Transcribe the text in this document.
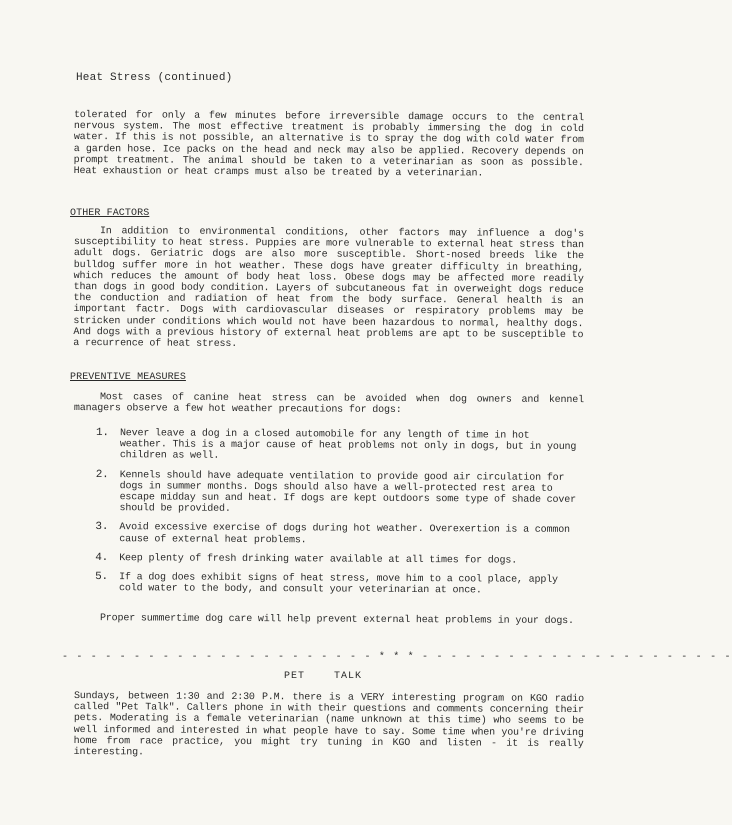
Heat Stress (continued)

tolerated for only a few minutes before irreversible damage occurs to the central nervous system. The most effective treatment is probably immersing the dog in cold water. If this is not possible, an alternative is to spray the dog with cold water from a garden hose. Ice packs on the head and neck may also be applied. Recovery depends on prompt treatment. The animal should be taken to a veterinarian as soon as possible. Heat exhaustion or heat cramps must also be treated by a veterinarian.

OTHER FACTORS

In addition to environmental conditions, other factors may influence a dog's susceptibility to heat stress. Puppies are more vulnerable to external heat stress than adult dogs. Geriatric dogs are also more susceptible. Short-nosed breeds like the bulldog suffer more in hot weather. These dogs have greater difficulty in breathing, which reduces the amount of body heat loss. Obese dogs may be affected more readily than dogs in good body condition. Layers of subcutaneous fat in overweight dogs reduce the conduction and radiation of heat from the body surface. General health is an important factr. Dogs with cardiovascular diseases or respiratory problems may be stricken under conditions which would not have been hazardous to normal, healthy dogs. And dogs with a previous history of external heat problems are apt to be susceptible to a recurrence of heat stress.

PREVENTIVE MEASURES

Most cases of canine heat stress can be avoided when dog owners and kennel managers observe a few hot weather precautions for dogs:

1. Never leave a dog in a closed automobile for any length of time in hot weather. This is a major cause of heat problems not only in dogs, but in young children as well.
2. Kennels should have adequate ventilation to provide good air circulation for dogs in summer months. Dogs should also have a well-protected rest area to escape midday sun and heat. If dogs are kept outdoors some type of shade cover should be provided.
3. Avoid excessive exercise of dogs during hot weather. Overexertion is a common cause of external heat problems.
4. Keep plenty of fresh drinking water available at all times for dogs.
5. If a dog does exhibit signs of heat stress, move him to a cool place, apply cold water to the body, and consult your veterinarian at once.

Proper summertime dog care will help prevent external heat problems in your dogs.

- - - - - - - - - - - - - - - - - - - - - - * * * - - - - - - - - - - - - - - - - - - - - - -
PET TALK

Sundays, between 1:30 and 2:30 P.M. there is a VERY interesting program on KGO radio called "Pet Talk". Callers phone in with their questions and comments concerning their pets. Moderating is a female veterinarian (name unknown at this time) who seems to be well informed and interested in what people have to say. Some time when you're driving home from race practice, you might try tuning in KGO and listen - it is really interesting.
